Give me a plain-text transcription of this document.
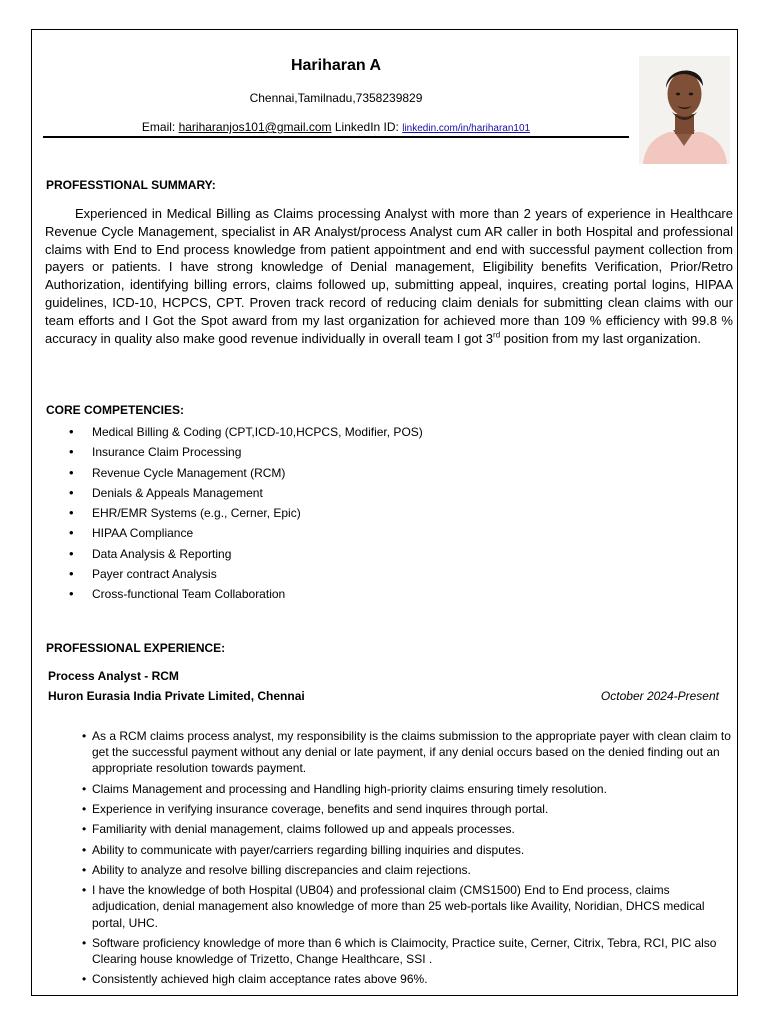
Hariharan A
Chennai,Tamilnadu,7358239829
Email: hariharanjos101@gmail.com LinkedIn ID: linkedin.com/in/hariharan101
PROFESSTIONAL SUMMARY:

Experienced in Medical Billing as Claims processing Analyst with more than 2 years of experience in Healthcare Revenue Cycle Management, specialist in AR Analyst/process Analyst cum AR caller in both Hospital and professional claims with End to End process knowledge from patient appointment and end with successful payment collection from payers or patients. I have strong knowledge of Denial management, Eligibility benefits Verification, Prior/Retro Authorization, identifying billing errors, claims followed up, submitting appeal, inquires, creating portal logins, HIPAA guidelines, ICD-10, HCPCS, CPT. Proven track record of reducing claim denials for submitting clean claims with our team efforts and I Got the Spot award from my last organization for achieved more than 109 % efficiency with 99.8 % accuracy in quality also make good revenue individually in overall team I got 3rd position from my last organization.

CORE COMPETENCIES:
• Medical Billing & Coding (CPT,ICD-10,HCPCS, Modifier, POS)
• Insurance Claim Processing
• Revenue Cycle Management (RCM)
• Denials & Appeals Management
• EHR/EMR Systems (e.g., Cerner, Epic)
• HIPAA Compliance
• Data Analysis & Reporting
• Payer contract Analysis
• Cross-functional Team Collaboration
PROFESSIONAL EXPERIENCE:
Process Analyst - RCM
Huron Eurasia India Private Limited, Chennai	October 2024-Present
• As a RCM claims process analyst, my responsibility is the claims submission to the appropriate payer with clean claim to get the successful payment without any denial or late payment, if any denial occurs based on the denied finding out an appropriate resolution towards payment.
• Claims Management and processing and Handling high-priority claims ensuring timely resolution.
• Experience in verifying insurance coverage, benefits and send inquires through portal.
• Familiarity with denial management, claims followed up and appeals processes.
• Ability to communicate with payer/carriers regarding billing inquiries and disputes.
• Ability to analyze and resolve billing discrepancies and claim rejections.
• I have the knowledge of both Hospital (UB04) and professional claim (CMS1500) End to End process, claims adjudication, denial management also knowledge of more than 25 web-portals like Availity, Noridian, DHCS medical portal, UHC.
• Software proficiency knowledge of more than 6 which is Claimocity, Practice suite, Cerner, Citrix, Tebra, RCI, PIC also Clearing house knowledge of Trizetto, Change Healthcare, SSI .
• Consistently achieved high claim acceptance rates above 96%.
